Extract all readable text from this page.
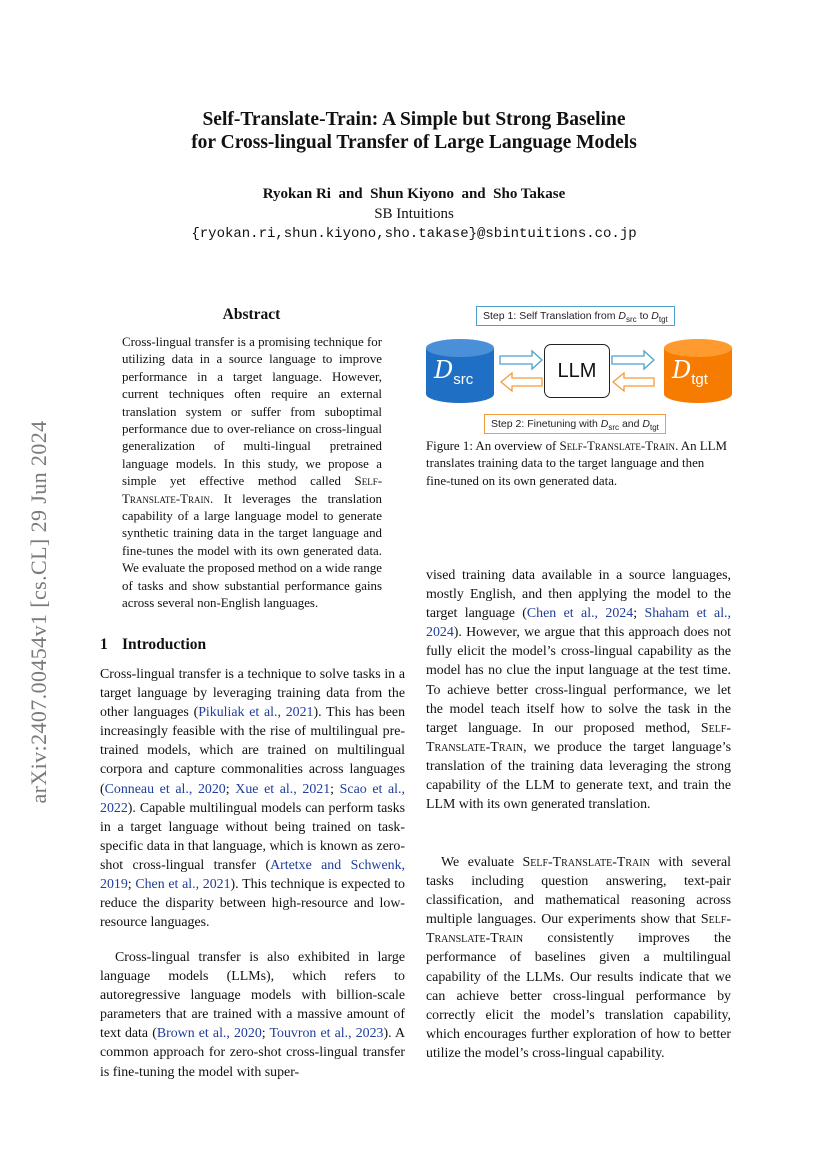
arXiv:2407.00454v1 [cs.CL] 29 Jun 2024
Self-Translate-Train: A Simple but Strong Baseline
for Cross-lingual Transfer of Large Language Models
Ryokan Ri and Shun Kiyono and Sho Takase
SB Intuitions
{ryokan.ri,shun.kiyono,sho.takase}@sbintuitions.co.jp
Abstract
Cross-lingual transfer is a promising technique for utilizing data in a source language to improve performance in a target language. However, current techniques often require an external translation system or suffer from suboptimal performance due to over-reliance on cross-lingual generalization of multi-lingual pretrained language models. In this study, we propose a simple yet effective method called Self-Translate-Train. It leverages the translation capability of a large language model to generate synthetic training data in the target language and fine-tunes the model with its own generated data. We evaluate the proposed method on a wide range of tasks and show substantial performance gains across several non-English languages.
Step 1: Self Translation from $D_{src}$ to $D_{tgt}$
$D_{src}$	$D_{tgt}$
LLM
Step 2: Finetuning with $D_{src}$ and $D_{tgt}$
Figure 1: An overview of Self-Translate-Train. An LLM translates training data to the target language and then fine-tuned on its own generated data.
1 Introduction
Cross-lingual transfer is a technique to solve tasks in a target language by leveraging training data from the other languages (Pikuliak et al., 2021). This has been increasingly feasible with the rise of multilingual pre-trained models, which are trained on multilingual corpora and capture commonalities across languages (Conneau et al., 2020; Xue et al., 2021; Scao et al., 2022). Capable multilingual models can perform tasks in a target language without being trained on task-specific data in that language, which is known as zero-shot cross-lingual transfer (Artetxe and Schwenk, 2019; Chen et al., 2021). This technique is expected to reduce the disparity between high-resource and low-resource languages.
Cross-lingual transfer is also exhibited in large language models (LLMs), which refers to autoregressive language models with billion-scale parameters that are trained with a massive amount of text data (Brown et al., 2020; Touvron et al., 2023). A common approach for zero-shot cross-lingual transfer is fine-tuning the model with super-
vised training data available in a source languages, mostly English, and then applying the model to the target language (Chen et al., 2024; Shaham et al., 2024). However, we argue that this approach does not fully elicit the model’s cross-lingual capability as the model has no clue the input language at the test time. To achieve better cross-lingual performance, we let the model teach itself how to solve the task in the target language. In our proposed method, Self-Translate-Train, we produce the target language’s translation of the training data leveraging the strong capability of the LLM to generate text, and train the LLM with its own generated translation.
We evaluate Self-Translate-Train with several tasks including question answering, text-pair classification, and mathematical reasoning across multiple languages. Our experiments show that Self-Translate-Train consistently improves the performance of baselines given a multilingual capability of the LLMs. Our results indicate that we can achieve better cross-lingual performance by correctly elicit the model’s translation capability, which encourages further exploration of how to better utilize the model’s cross-lingual capability.
